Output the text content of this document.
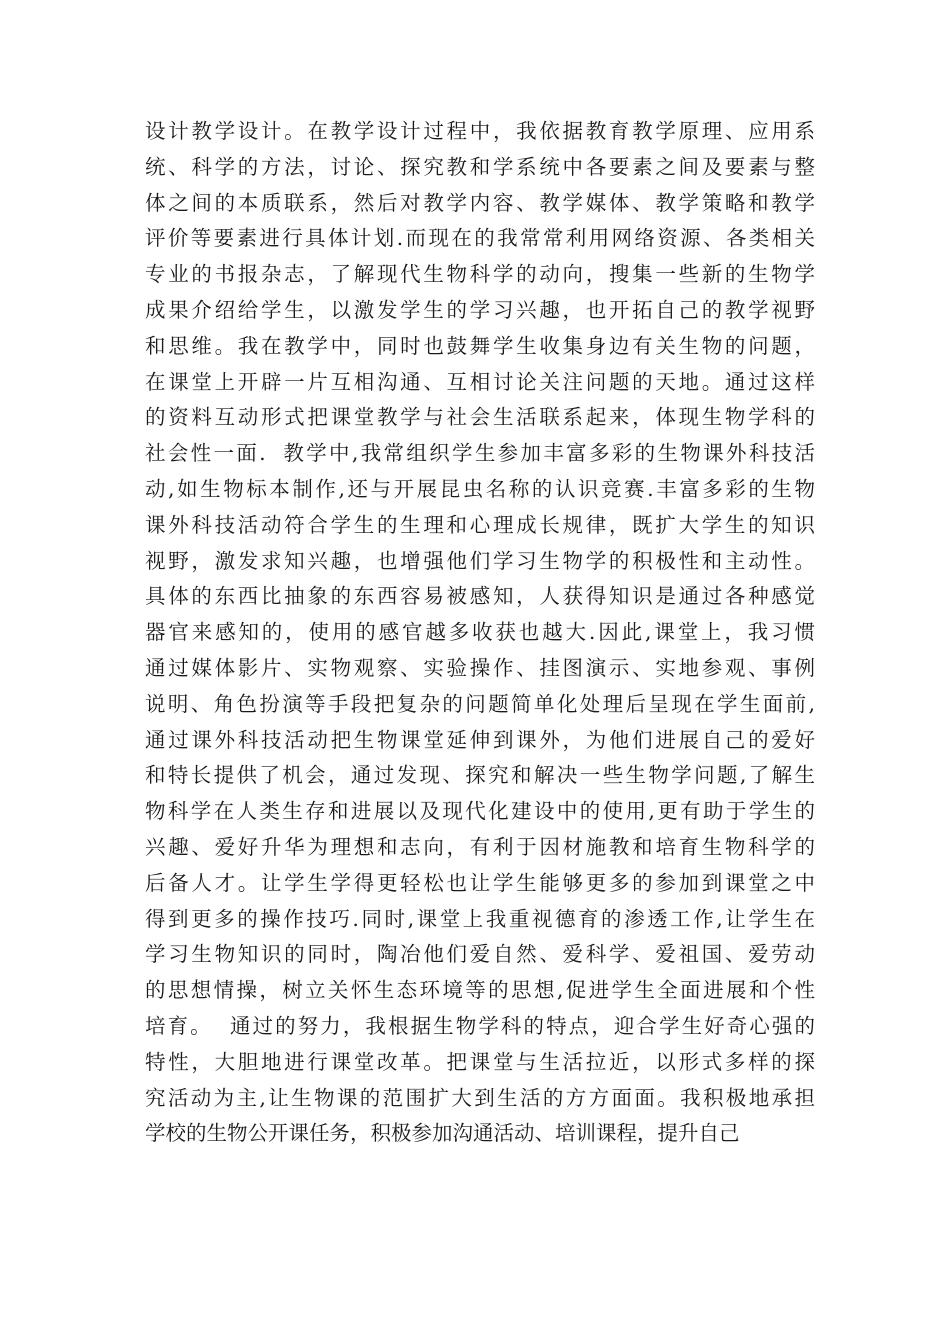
设计教学设计。在教学设计过程中，我依据教育教学原理、应用系
统、科学的方法，讨论、探究教和学系统中各要素之间及要素与整
体之间的本质联系，然后对教学内容、教学媒体、教学策略和教学
评价等要素进行具体计划.而现在的我常常利用网络资源、各类相关
专业的书报杂志，了解现代生物科学的动向，搜集一些新的生物学
成果介绍给学生，以激发学生的学习兴趣，也开拓自己的教学视野
和思维。我在教学中，同时也鼓舞学生收集身边有关生物的问题，
在课堂上开辟一片互相沟通、互相讨论关注问题的天地。通过这样
的资料互动形式把课堂教学与社会生活联系起来，体现生物学科的
社会性一面.  教学中,我常组织学生参加丰富多彩的生物课外科技活
动,如生物标本制作,还与开展昆虫名称的认识竞赛.丰富多彩的生物
课外科技活动符合学生的生理和心理成长规律，既扩大学生的知识
视野，激发求知兴趣，也增强他们学习生物学的积极性和主动性。
具体的东西比抽象的东西容易被感知，人获得知识是通过各种感觉
器官来感知的，使用的感官越多收获也越大.因此,课堂上，我习惯
通过媒体影片、实物观察、实验操作、挂图演示、实地参观、事例
说明、角色扮演等手段把复杂的问题简单化处理后呈现在学生面前,
通过课外科技活动把生物课堂延伸到课外，为他们进展自己的爱好
和特长提供了机会，通过发现、探究和解决一些生物学问题,了解生
物科学在人类生存和进展以及现代化建设中的使用,更有助于学生的
兴趣、爱好升华为理想和志向，有利于因材施教和培育生物科学的
后备人才。让学生学得更轻松也让学生能够更多的参加到课堂之中
得到更多的操作技巧.同时,课堂上我重视德育的渗透工作,让学生在
学习生物知识的同时，陶冶他们爱自然、爱科学、爱祖国、爱劳动
的思想情操，树立关怀生态环境等的思想,促进学生全面进展和个性
培育。  通过的努力，我根据生物学科的特点，迎合学生好奇心强的
特性，大胆地进行课堂改革。把课堂与生活拉近，以形式多样的探
究活动为主,让生物课的范围扩大到生活的方方面面。我积极地承担
学校的生物公开课任务，积极参加沟通活动、培训课程，提升自己
